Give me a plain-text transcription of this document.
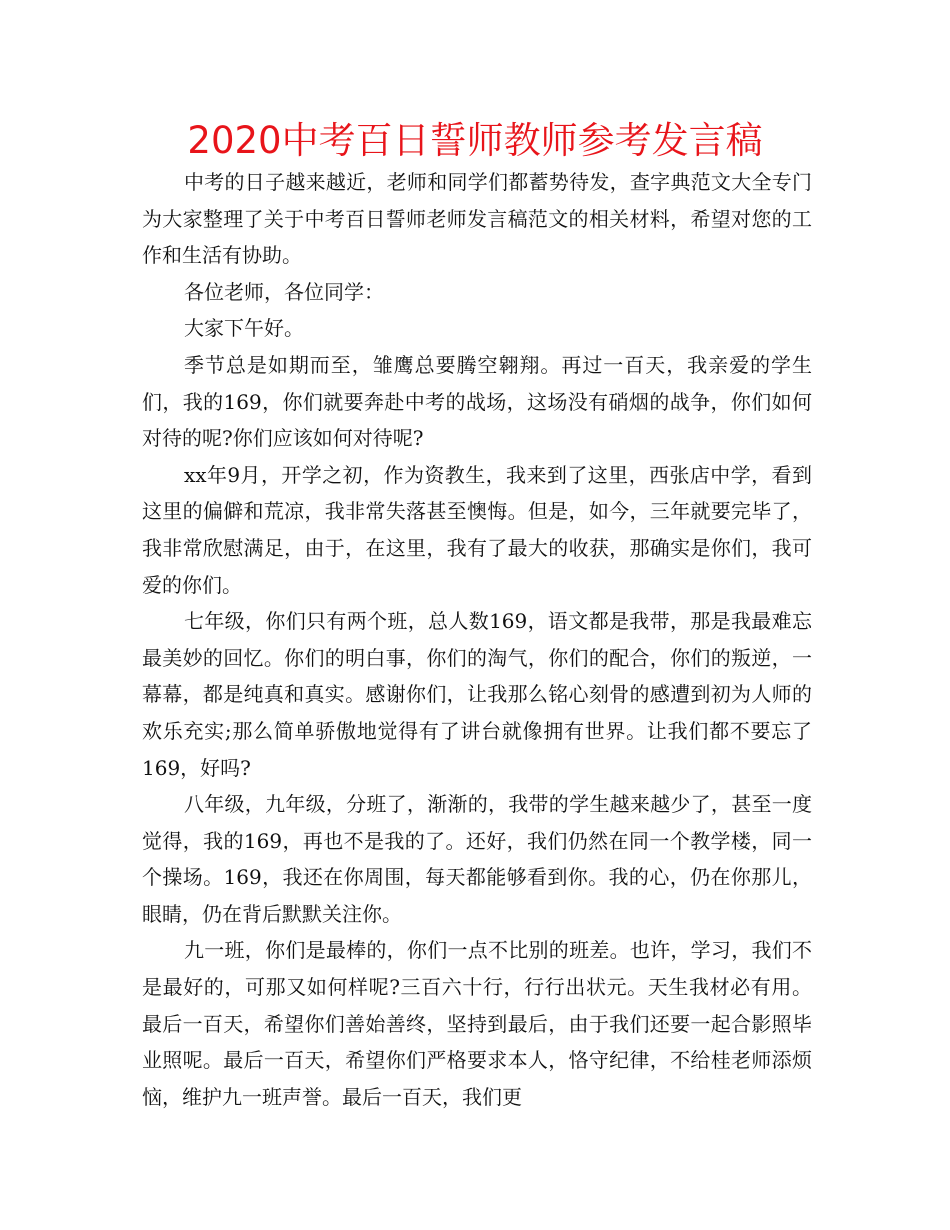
2020中考百日誓师教师参考发言稿

中考的日子越来越近，老师和同学们都蓄势待发，查字典范文大全专门为大家整理了关于中考百日誓师老师发言稿范文的相关材料，希望对您的工作和生活有协助。

各位老师，各位同学：

大家下午好。

季节总是如期而至，雏鹰总要腾空翱翔。再过一百天，我亲爱的学生们，我的169，你们就要奔赴中考的战场，这场没有硝烟的战争，你们如何对待的呢?你们应该如何对待呢?

xx年9月，开学之初，作为资教生，我来到了这里，西张店中学，看到这里的偏僻和荒凉，我非常失落甚至懊悔。但是，如今，三年就要完毕了，我非常欣慰满足，由于，在这里，我有了最大的收获，那确实是你们，我可爱的你们。

七年级，你们只有两个班，总人数169，语文都是我带，那是我最难忘最美妙的回忆。你们的明白事，你们的淘气，你们的配合，你们的叛逆，一幕幕，都是纯真和真实。感谢你们，让我那么铭心刻骨的感遭到初为人师的欢乐充实;那么简单骄傲地觉得有了讲台就像拥有世界。让我们都不要忘了169，好吗?

八年级，九年级，分班了，渐渐的，我带的学生越来越少了，甚至一度觉得，我的169，再也不是我的了。还好，我们仍然在同一个教学楼，同一个操场。169，我还在你周围，每天都能够看到你。我的心，仍在你那儿，眼睛，仍在背后默默关注你。

九一班，你们是最棒的，你们一点不比别的班差。也许，学习，我们不是最好的，可那又如何样呢?三百六十行，行行出状元。天生我材必有用。最后一百天，希望你们善始善终，坚持到最后，由于我们还要一起合影照毕业照呢。最后一百天，希望你们严格要求本人，恪守纪律，不给桂老师添烦恼，维护九一班声誉。最后一百天，我们更
